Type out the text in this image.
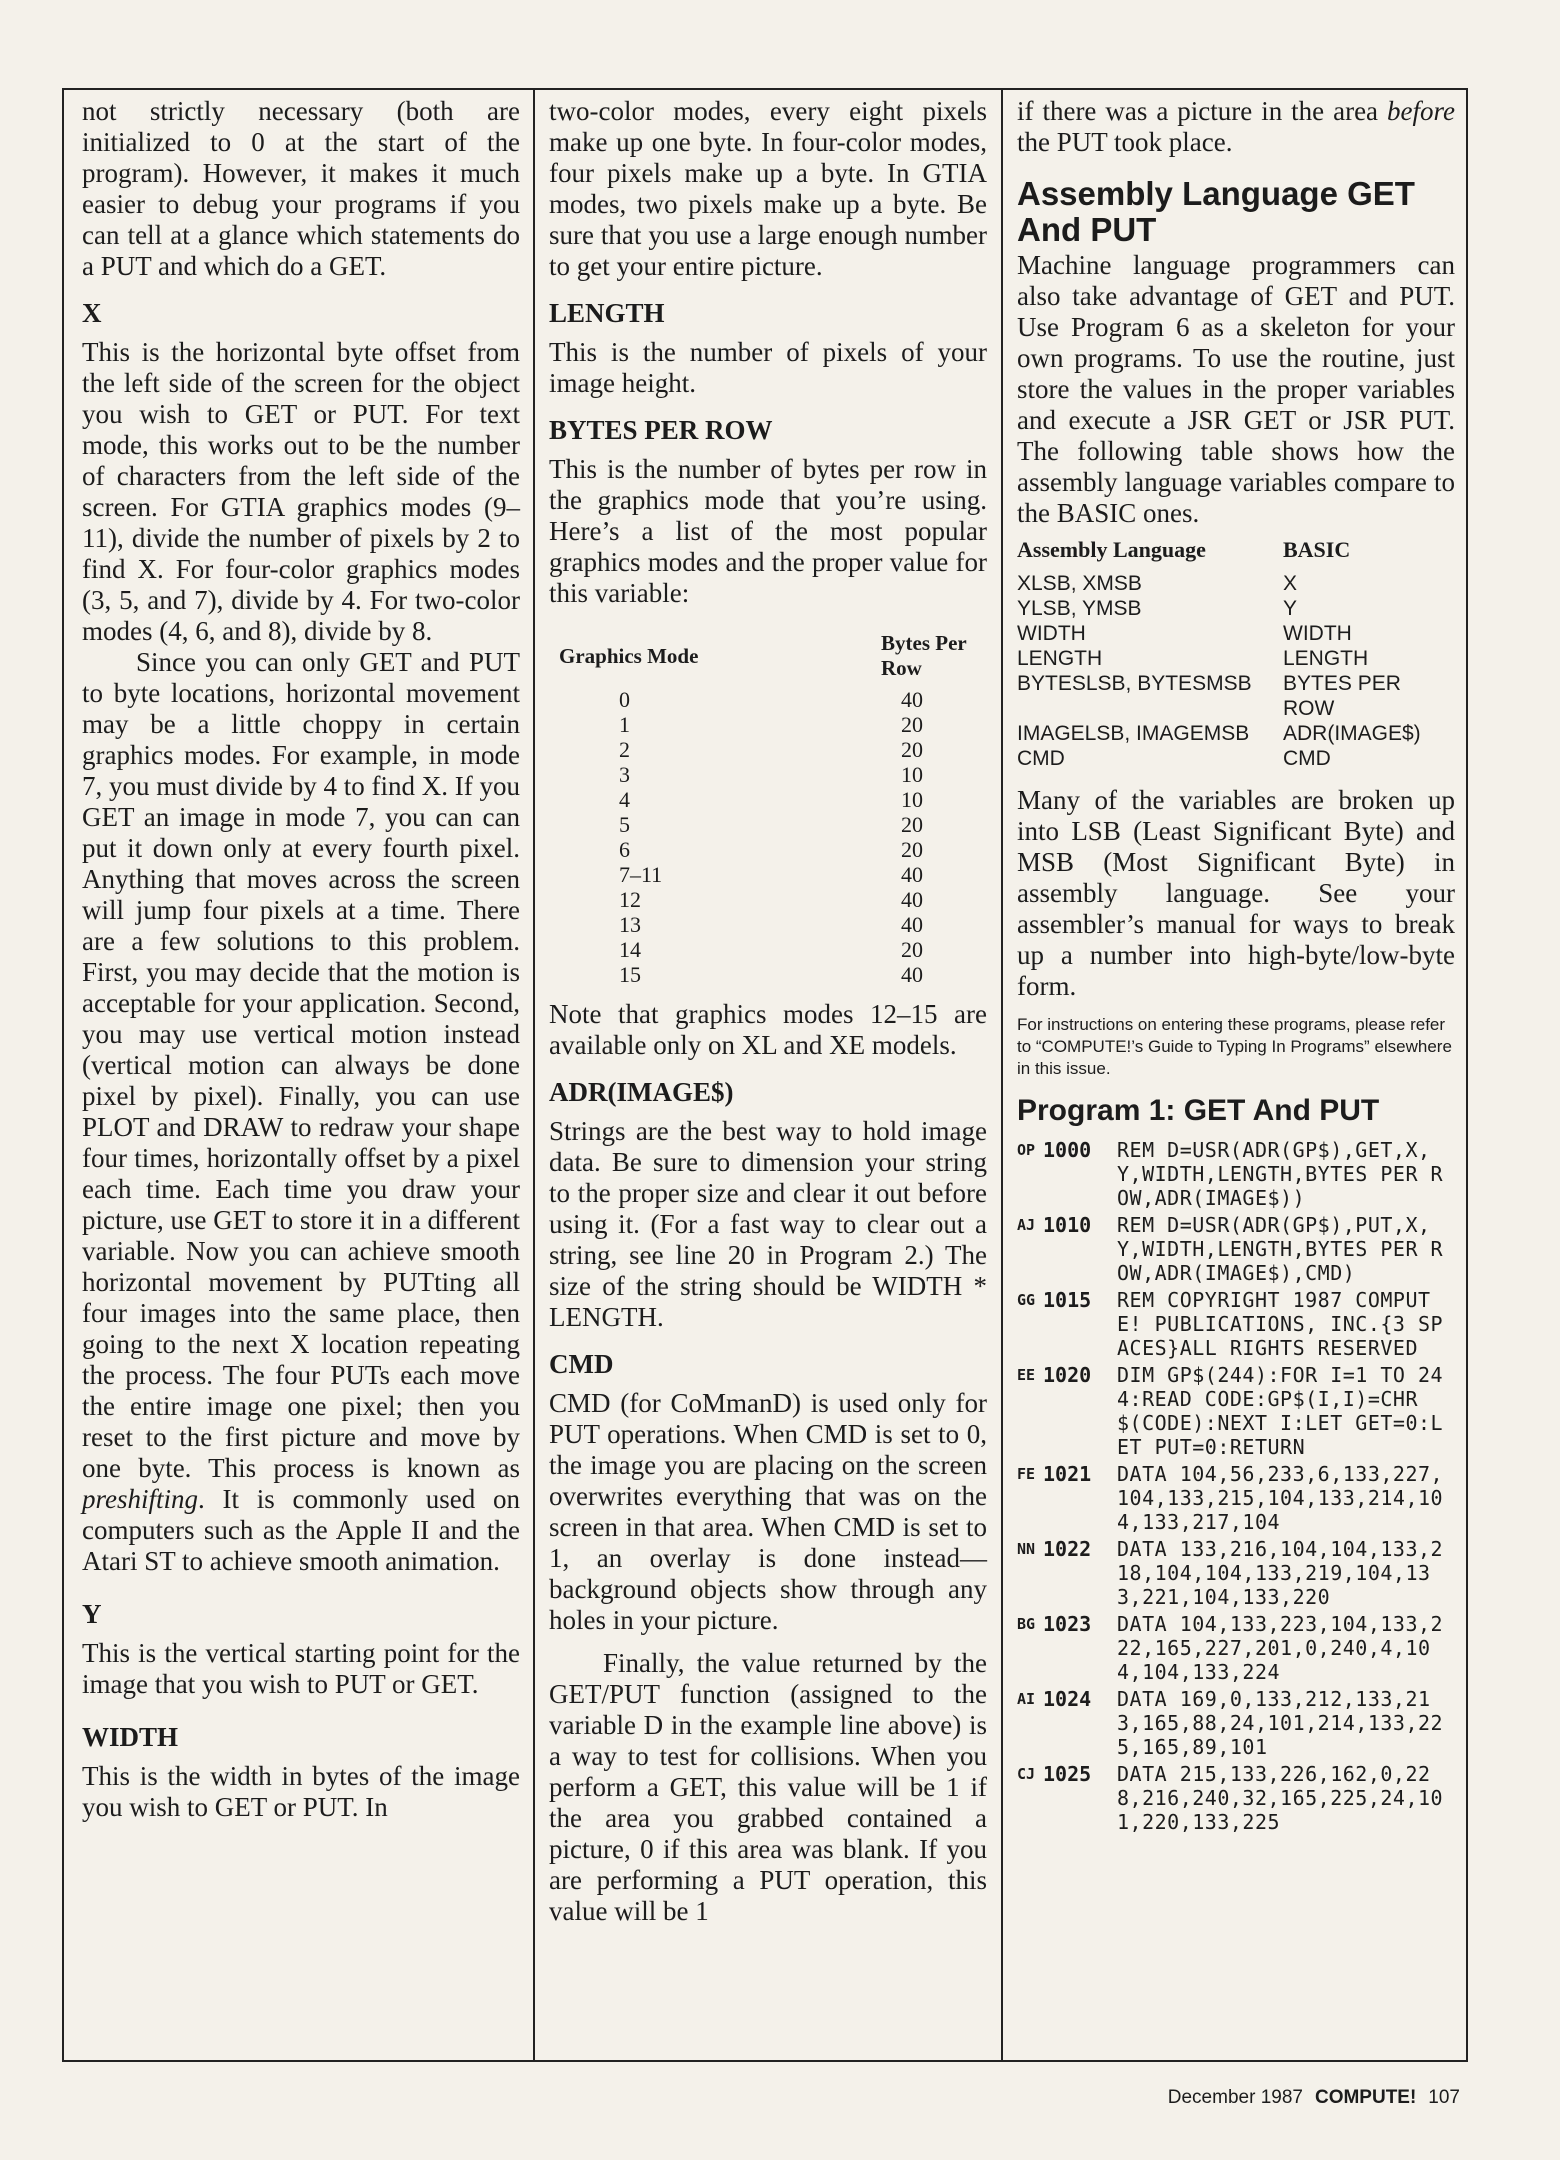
not strictly necessary (both are initialized to 0 at the start of the program). However, it makes it much easier to debug your programs if you can tell at a glance which statements do a PUT and which do a GET.

X

This is the horizontal byte offset from the left side of the screen for the object you wish to GET or PUT. For text mode, this works out to be the number of characters from the left side of the screen. For GTIA graphics modes (9–11), divide the number of pixels by 2 to find X. For four-color graphics modes (3, 5, and 7), divide by 4. For two-color modes (4, 6, and 8), divide by 8.

Since you can only GET and PUT to byte locations, horizontal movement may be a little choppy in certain graphics modes. For example, in mode 7, you must divide by 4 to find X. If you GET an image in mode 7, you can can put it down only at every fourth pixel. Anything that moves across the screen will jump four pixels at a time. There are a few solutions to this problem. First, you may decide that the motion is acceptable for your application. Second, you may use vertical motion instead (vertical motion can always be done pixel by pixel). Finally, you can use PLOT and DRAW to redraw your shape four times, horizontally offset by a pixel each time. Each time you draw your picture, use GET to store it in a different variable. Now you can achieve smooth horizontal movement by PUTting all four images into the same place, then going to the next X location repeating the process. The four PUTs each move the entire image one pixel; then you reset to the first picture and move by one byte. This process is known as preshifting. It is commonly used on computers such as the Apple II and the Atari ST to achieve smooth animation.

Y

This is the vertical starting point for the image that you wish to PUT or GET.

WIDTH

This is the width in bytes of the image you wish to GET or PUT. In

two-color modes, every eight pixels make up one byte. In four-color modes, four pixels make up a byte. In GTIA modes, two pixels make up a byte. Be sure that you use a large enough number to get your entire picture.

LENGTH

This is the number of pixels of your image height.

BYTES PER ROW

This is the number of bytes per row in the graphics mode that you’re using. Here’s a list of the most popular graphics modes and the proper value for this variable:

Graphics Mode	Bytes Per Row
0	40
1	20
2	20
3	10
4	10
5	20
6	20
7–11	40
12	40
13	40
14	20
15	40

Note that graphics modes 12–15 are available only on XL and XE models.

ADR(IMAGE$)

Strings are the best way to hold image data. Be sure to dimension your string to the proper size and clear it out before using it. (For a fast way to clear out a string, see line 20 in Program 2.) The size of the string should be WIDTH * LENGTH.

CMD

CMD (for CoMmanD) is used only for PUT operations. When CMD is set to 0, the image you are placing on the screen overwrites everything that was on the screen in that area. When CMD is set to 1, an overlay is done instead—background objects show through any holes in your picture.

Finally, the value returned by the GET/PUT function (assigned to the variable D in the example line above) is a way to test for collisions. When you perform a GET, this value will be 1 if the area you grabbed contained a picture, 0 if this area was blank. If you are performing a PUT operation, this value will be 1

if there was a picture in the area before the PUT took place.

Assembly Language GET And PUT

Machine language programmers can also take advantage of GET and PUT. Use Program 6 as a skeleton for your own programs. To use the routine, just store the values in the proper variables and execute a JSR GET or JSR PUT. The following table shows how the assembly language variables compare to the BASIC ones.

Assembly Language	BASIC
XLSB, XMSB	X
YLSB, YMSB	Y
WIDTH	WIDTH
LENGTH	LENGTH
BYTESLSB, BYTESMSB	BYTES PER ROW
IMAGELSB, IMAGEMSB	ADR(IMAGE$)
CMD	CMD

Many of the variables are broken up into LSB (Least Significant Byte) and MSB (Most Significant Byte) in assembly language. See your assembler’s manual for ways to break up a number into high-byte/low-byte form.

For instructions on entering these programs, please refer to “COMPUTE!’s Guide to Typing In Programs” elsewhere in this issue.
Program 1: GET And PUT
OP 1000	REM D=USR(ADR(GP$),GET,X,Y,WIDTH,LENGTH,BYTES PER ROW,ADR(IMAGE$))
AJ 1010	REM D=USR(ADR(GP$),PUT,X,Y,WIDTH,LENGTH,BYTES PER ROW,ADR(IMAGE$),CMD)
GG 1015	REM COPYRIGHT 1987 COMPUTE! PUBLICATIONS, INC.{3 SPACES}ALL RIGHTS RESERVED
EE 1020	DIM GP$(244):FOR I=1 TO 244:READ CODE:GP$(I,I)=CHR$(CODE):NEXT I:LET GET=0:LET PUT=0:RETURN
FE 1021	DATA 104,56,233,6,133,227,104,133,215,104,133,214,104,133,217,104
NN 1022	DATA 133,216,104,104,133,218,104,104,133,219,104,133,221,104,133,220
BG 1023	DATA 104,133,223,104,133,222,165,227,201,0,240,4,104,104,133,224
AI 1024	DATA 169,0,133,212,133,213,165,88,24,101,214,133,225,165,89,101
CJ 1025	DATA 215,133,226,162,0,228,216,240,32,165,225,24,101,220,133,225
December 1987 COMPUTE! 107
